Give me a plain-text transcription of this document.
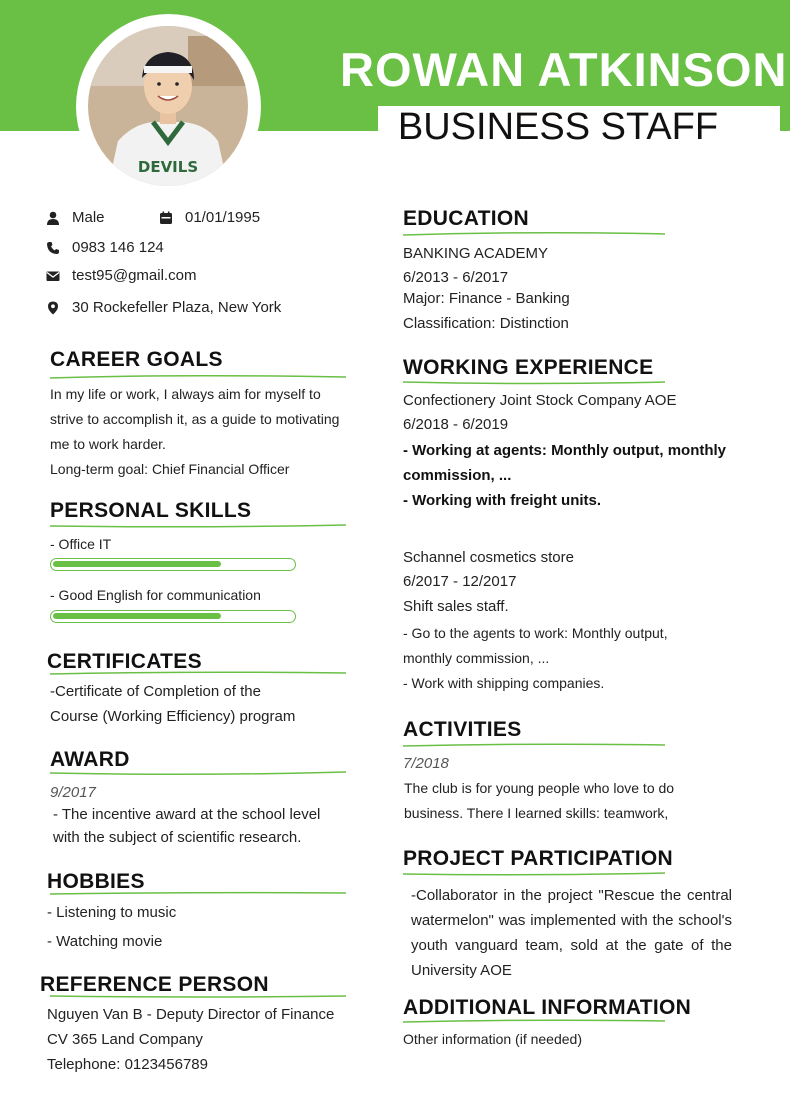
ROWAN ATKINSON
BUSINESS STAFF
DEVILS
Male	01/01/1995
0983 146 124
test95@gmail.com
30 Rockefeller Plaza, New York
CAREER GOALS
In my life or work, I always aim for myself to
strive to accomplish it, as a guide to motivating
me to work harder.
Long-term goal: Chief Financial Officer
PERSONAL SKILLS
- Office IT
- Good English for communication
CERTIFICATES
-Certificate of Completion of the
Course (Working Efficiency) program
AWARD
9/2017
- The incentive award at the school level
with the subject of scientific research.
HOBBIES
- Listening to music
- Watching movie
REFERENCE PERSON
Nguyen Van B - Deputy Director of Finance
CV 365 Land Company
Telephone: 0123456789
EDUCATION
BANKING ACADEMY
6/2013 - 6/2017
Major: Finance - Banking
Classification: Distinction
WORKING EXPERIENCE
Confectionery Joint Stock Company AOE
6/2018 - 6/2019
- Working at agents: Monthly output, monthly
commission, ...
- Working with freight units.
Schannel cosmetics store
6/2017 - 12/2017
Shift sales staff.
- Go to the agents to work: Monthly output,
monthly commission, ...
- Work with shipping companies.
ACTIVITIES
7/2018
The club is for young people who love to do
business. There I learned skills: teamwork,
PROJECT PARTICIPATION
-Collaborator in the project "Rescue the central watermelon" was implemented with the school's youth vanguard team, sold at the gate of the University AOE
ADDITIONAL INFORMATION
Other information (if needed)
